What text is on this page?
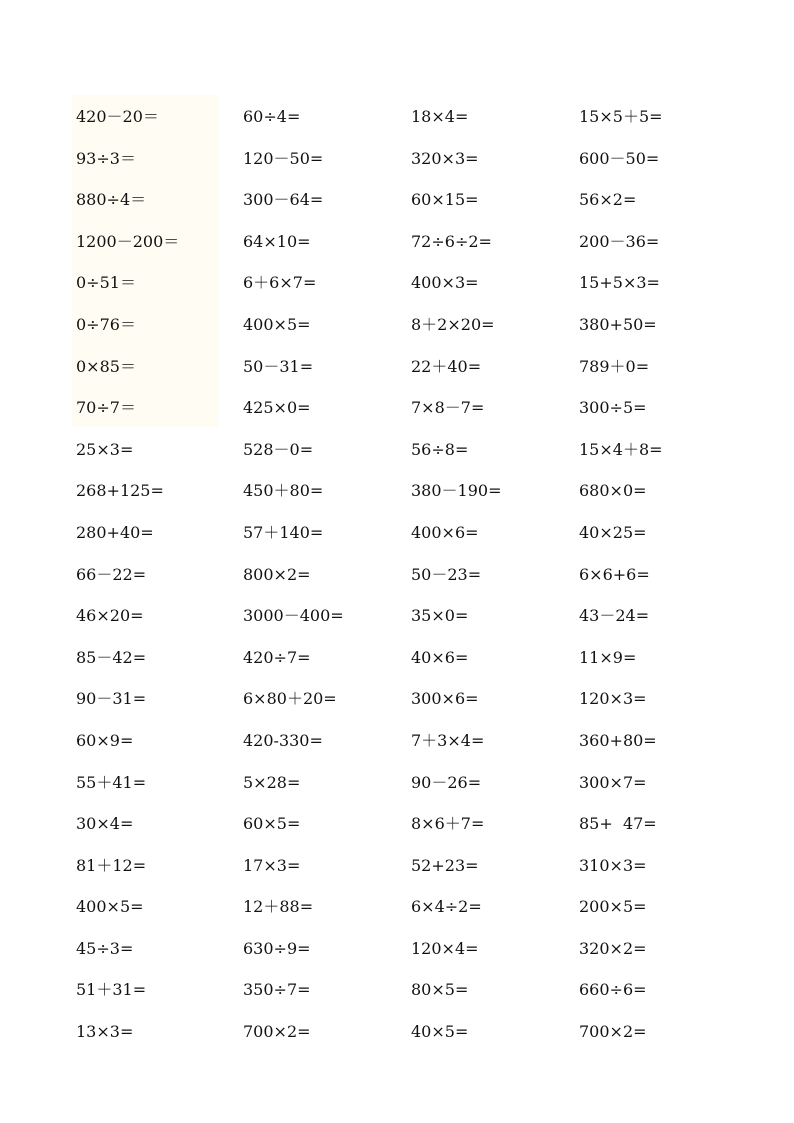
420－20＝	60÷4=	18×4=	15×5＋5=
93÷3＝	120－50=	320×3=	600－50=
880÷4＝	300－64=	60×15=	56×2=
1200－200＝	64×10=	72÷6÷2=	200－36=
0÷51＝	6＋6×7=	400×3=	15+5×3=
0÷76＝	400×5=	8＋2×20=	380+50=
0×85＝	50－31=	22＋40=	789＋0=
70÷7＝	425×0=	7×8－7=	300÷5=
25×3=	528－0=	56÷8=	15×4＋8=
268+125=	450＋80=	380－190=	680×0=
280+40=	57＋140=	400×6=	40×25=
66－22=	800×2=	50－23=	6×6+6=
46×20=	3000－400=	35×0=	43－24=
85－42=	420÷7=	40×6=	11×9=
90－31=	6×80＋20=	300×6=	120×3=
60×9=	420-330=	7＋3×4=	360+80=
55＋41=	5×28=	90－26=	300×7=
30×4=	60×5=	8×6＋7=	85+  47=
81＋12=	17×3=	52+23=	310×3=
400×5=	12＋88=	6×4÷2=	200×5=
45÷3=	630÷9=	120×4=	320×2=
51＋31=	350÷7=	80×5=	660÷6=
13×3=	700×2=	40×5=	700×2=
